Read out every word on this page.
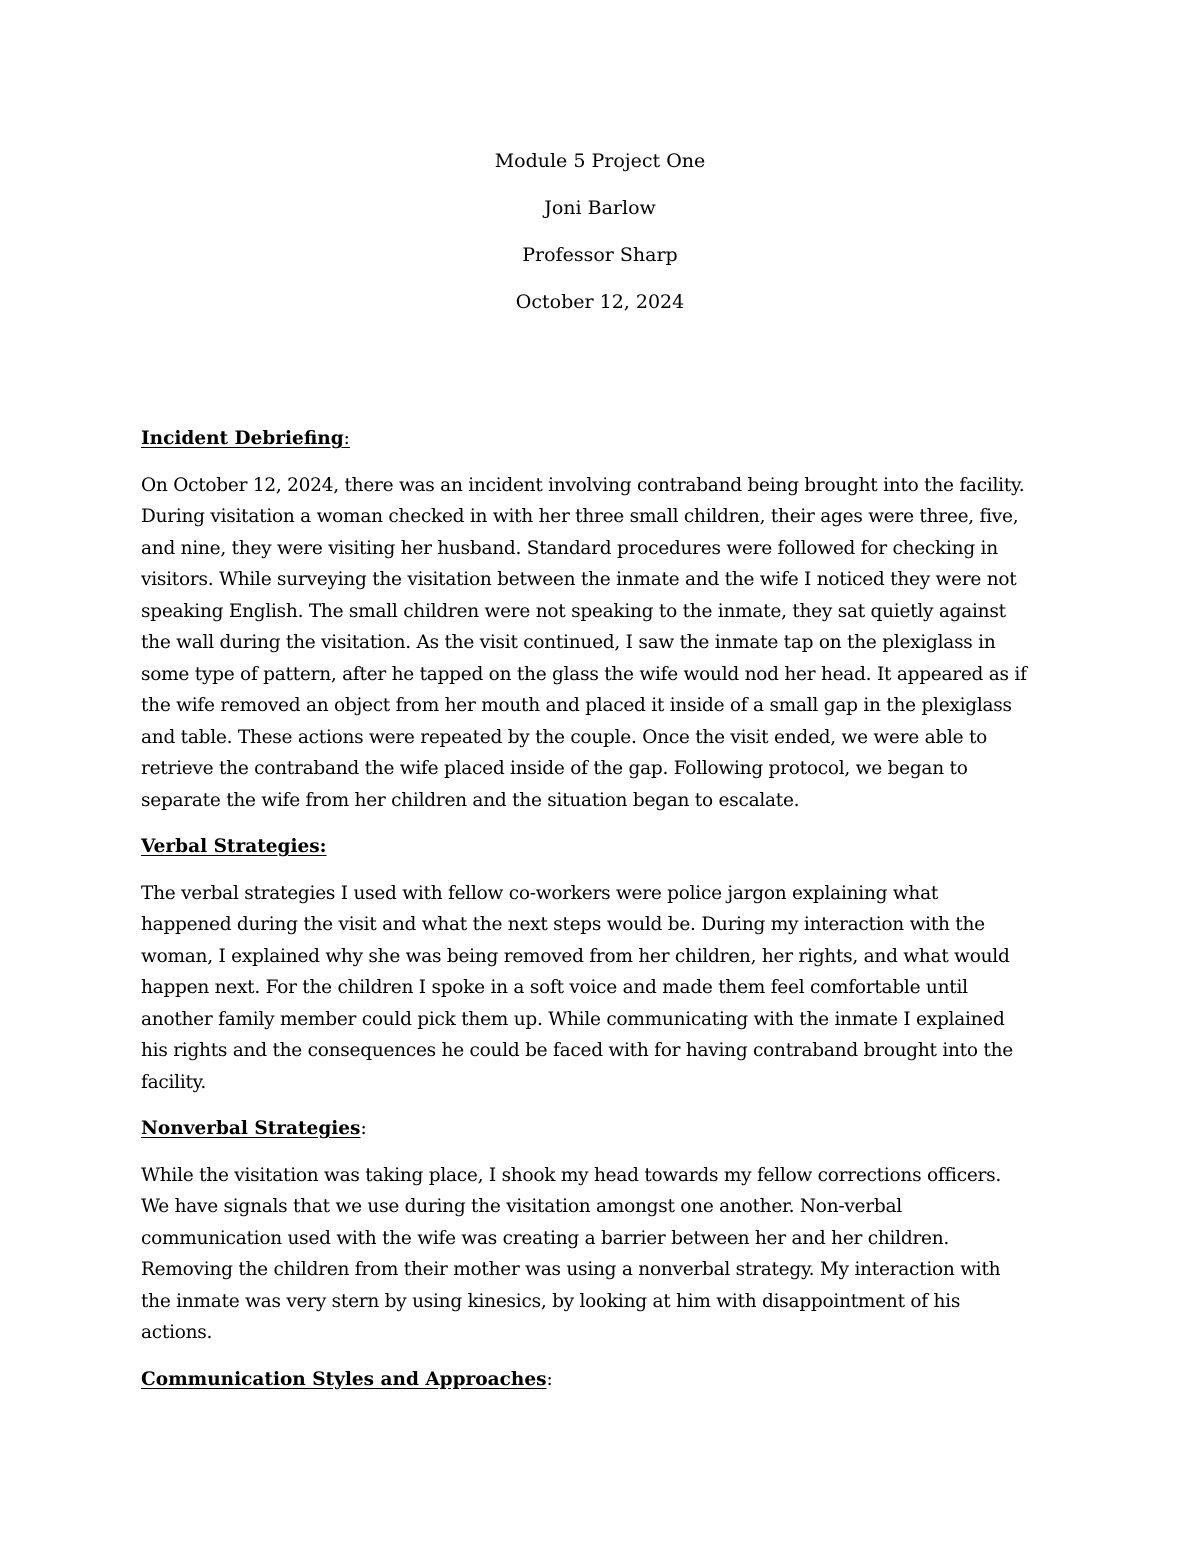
Module 5 Project One
Joni Barlow
Professor Sharp
October 12, 2024
Incident Debriefing:
On October 12, 2024, there was an incident involving contraband being brought into the facility.
During visitation a woman checked in with her three small children, their ages were three, five,
and nine, they were visiting her husband. Standard procedures were followed for checking in
visitors. While surveying the visitation between the inmate and the wife I noticed they were not
speaking English. The small children were not speaking to the inmate, they sat quietly against
the wall during the visitation. As the visit continued, I saw the inmate tap on the plexiglass in
some type of pattern, after he tapped on the glass the wife would nod her head. It appeared as if
the wife removed an object from her mouth and placed it inside of a small gap in the plexiglass
and table. These actions were repeated by the couple. Once the visit ended, we were able to
retrieve the contraband the wife placed inside of the gap. Following protocol, we began to
separate the wife from her children and the situation began to escalate.
Verbal Strategies:
The verbal strategies I used with fellow co-workers were police jargon explaining what
happened during the visit and what the next steps would be. During my interaction with the
woman, I explained why she was being removed from her children, her rights, and what would
happen next. For the children I spoke in a soft voice and made them feel comfortable until
another family member could pick them up. While communicating with the inmate I explained
his rights and the consequences he could be faced with for having contraband brought into the
facility.
Nonverbal Strategies:
While the visitation was taking place, I shook my head towards my fellow corrections officers.
We have signals that we use during the visitation amongst one another. Non-verbal
communication used with the wife was creating a barrier between her and her children.
Removing the children from their mother was using a nonverbal strategy. My interaction with
the inmate was very stern by using kinesics, by looking at him with disappointment of his
actions.
Communication Styles and Approaches:
